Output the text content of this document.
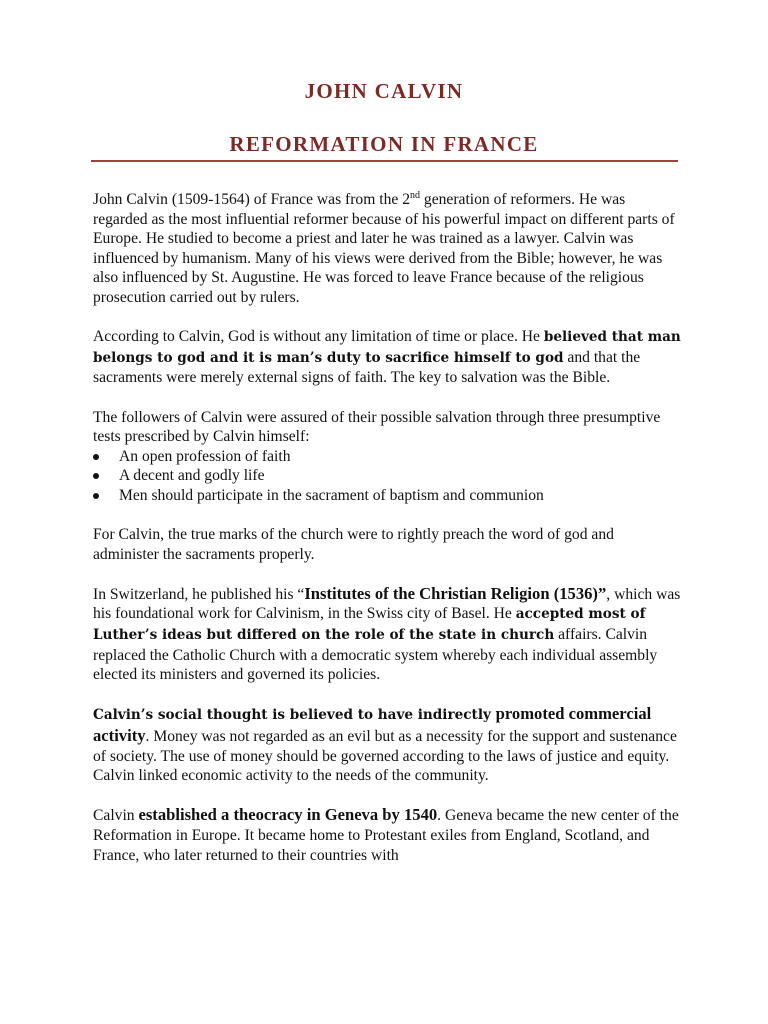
JOHN CALVIN
REFORMATION IN FRANCE

John Calvin (1509-1564) of France was from the 2nd generation of reformers. He was regarded as the most influential reformer because of his powerful impact on different parts of Europe. He studied to become a priest and later he was trained as a lawyer. Calvin was influenced by humanism. Many of his views were derived from the Bible; however, he was also influenced by St. Augustine. He was forced to leave France because of the religious prosecution carried out by rulers.

According to Calvin, God is without any limitation of time or place. He believed that man belongs to god and it is man’s duty to sacrifice himself to god and that the sacraments were merely external signs of faith. The key to salvation was the Bible.

The followers of Calvin were assured of their possible salvation through three presumptive tests prescribed by Calvin himself:

An open profession of faith
A decent and godly life
Men should participate in the sacrament of baptism and communion

For Calvin, the true marks of the church were to rightly preach the word of god and administer the sacraments properly.

In Switzerland, he published his “Institutes of the Christian Religion (1536)”, which was his foundational work for Calvinism, in the Swiss city of Basel. He accepted most of Luther’s ideas but differed on the role of the state in church affairs. Calvin replaced the Catholic Church with a democratic system whereby each individual assembly elected its ministers and governed its policies.

Calvin’s social thought is believed to have indirectly promoted commercial activity. Money was not regarded as an evil but as a necessity for the support and sustenance of society. The use of money should be governed according to the laws of justice and equity. Calvin linked economic activity to the needs of the community.

Calvin established a theocracy in Geneva by 1540. Geneva became the new center of the Reformation in Europe. It became home to Protestant exiles from England, Scotland, and France, who later returned to their countries with
